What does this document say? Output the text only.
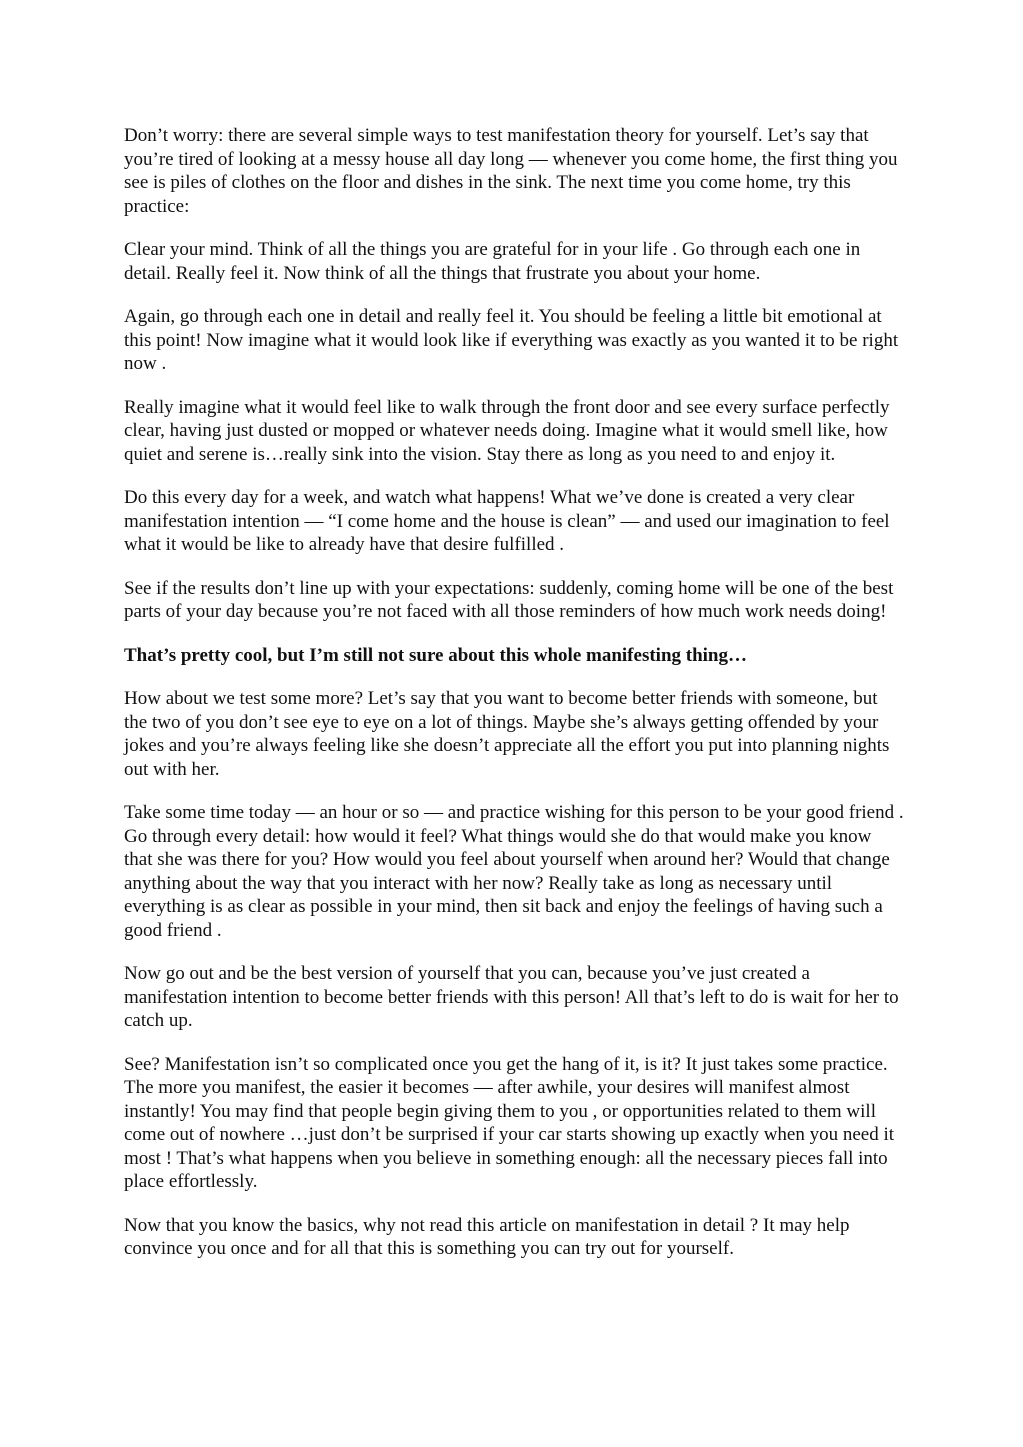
Don’t worry: there are several simple ways to test manifestation theory for yourself. Let’s say that you’re tired of looking at a messy house all day long — whenever you come home, the first thing you see is piles of clothes on the floor and dishes in the sink. The next time you come home, try this practice:

Clear your mind. Think of all the things you are grateful for in your life . Go through each one in detail. Really feel it. Now think of all the things that frustrate you about your home.

Again, go through each one in detail and really feel it. You should be feeling a little bit emotional at this point! Now imagine what it would look like if everything was exactly as you wanted it to be right now .

Really imagine what it would feel like to walk through the front door and see every surface perfectly clear, having just dusted or mopped or whatever needs doing. Imagine what it would smell like, how quiet and serene is…really sink into the vision. Stay there as long as you need to and enjoy it.

Do this every day for a week, and watch what happens! What we’ve done is created a very clear manifestation intention — “I come home and the house is clean” — and used our imagination to feel what it would be like to already have that desire fulfilled .

See if the results don’t line up with your expectations: suddenly, coming home will be one of the best parts of your day because you’re not faced with all those reminders of how much work needs doing!

That’s pretty cool, but I’m still not sure about this whole manifesting thing…

How about we test some more? Let’s say that you want to become better friends with someone, but the two of you don’t see eye to eye on a lot of things. Maybe she’s always getting offended by your jokes and you’re always feeling like she doesn’t appreciate all the effort you put into planning nights out with her.

Take some time today — an hour or so — and practice wishing for this person to be your good friend . Go through every detail: how would it feel? What things would she do that would make you know that she was there for you? How would you feel about yourself when around her? Would that change anything about the way that you interact with her now? Really take as long as necessary until everything is as clear as possible in your mind, then sit back and enjoy the feelings of having such a good friend .

Now go out and be the best version of yourself that you can, because you’ve just created a manifestation intention to become better friends with this person! All that’s left to do is wait for her to catch up.

See? Manifestation isn’t so complicated once you get the hang of it, is it? It just takes some practice. The more you manifest, the easier it becomes — after awhile, your desires will manifest almost instantly! You may find that people begin giving them to you , or opportunities related to them will come out of nowhere …just don’t be surprised if your car starts showing up exactly when you need it most ! That’s what happens when you believe in something enough: all the necessary pieces fall into place effortlessly.

Now that you know the basics, why not read this article on manifestation in detail ? It may help convince you once and for all that this is something you can try out for yourself.
